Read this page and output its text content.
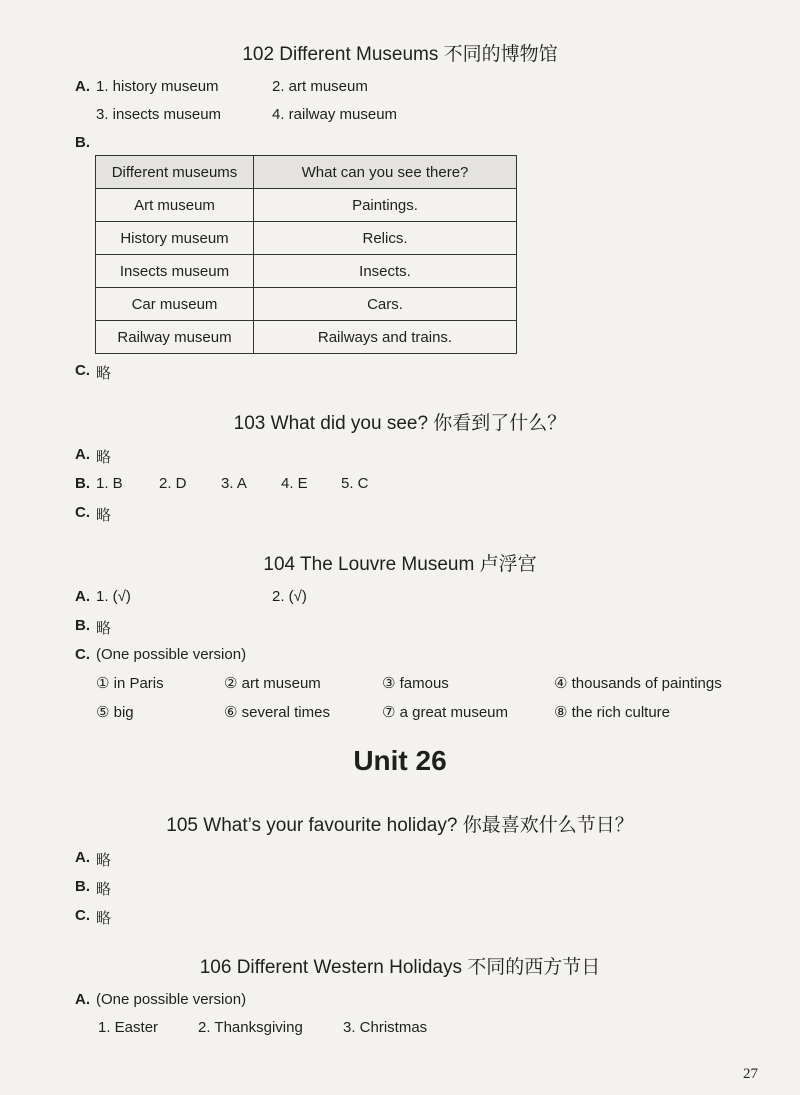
102 Different Museums 不同的博物馆
A. 1. history museum	2. art museum
3. insects museum	4. railway museum
B.
Different museums	What can you see there?
Art museum	Paintings.
History museum	Relics.
Insects museum	Insects.
Car museum	Cars.
Railway museum	Railways and trains.
C. 略
103 What did you see? 你看到了什么？
A. 略
B. 1. B 2. D 3. A 4. E 5. C
C. 略
104 The Louvre Museum 卢浮宫
A. 1. (√)	2. (√)
B. 略
C. (One possible version)
① in Paris	② art museum	③ famous	④ thousands of paintings
⑤ big	⑥ several times	⑦ a great museum	⑧ the rich culture
Unit 26
105 What’s your favourite holiday? 你最喜欢什么节日？
A. 略
B. 略
C. 略
106 Different Western Holidays 不同的西方节日
A. (One possible version)
1. Easter	2. Thanksgiving	3. Christmas
27
